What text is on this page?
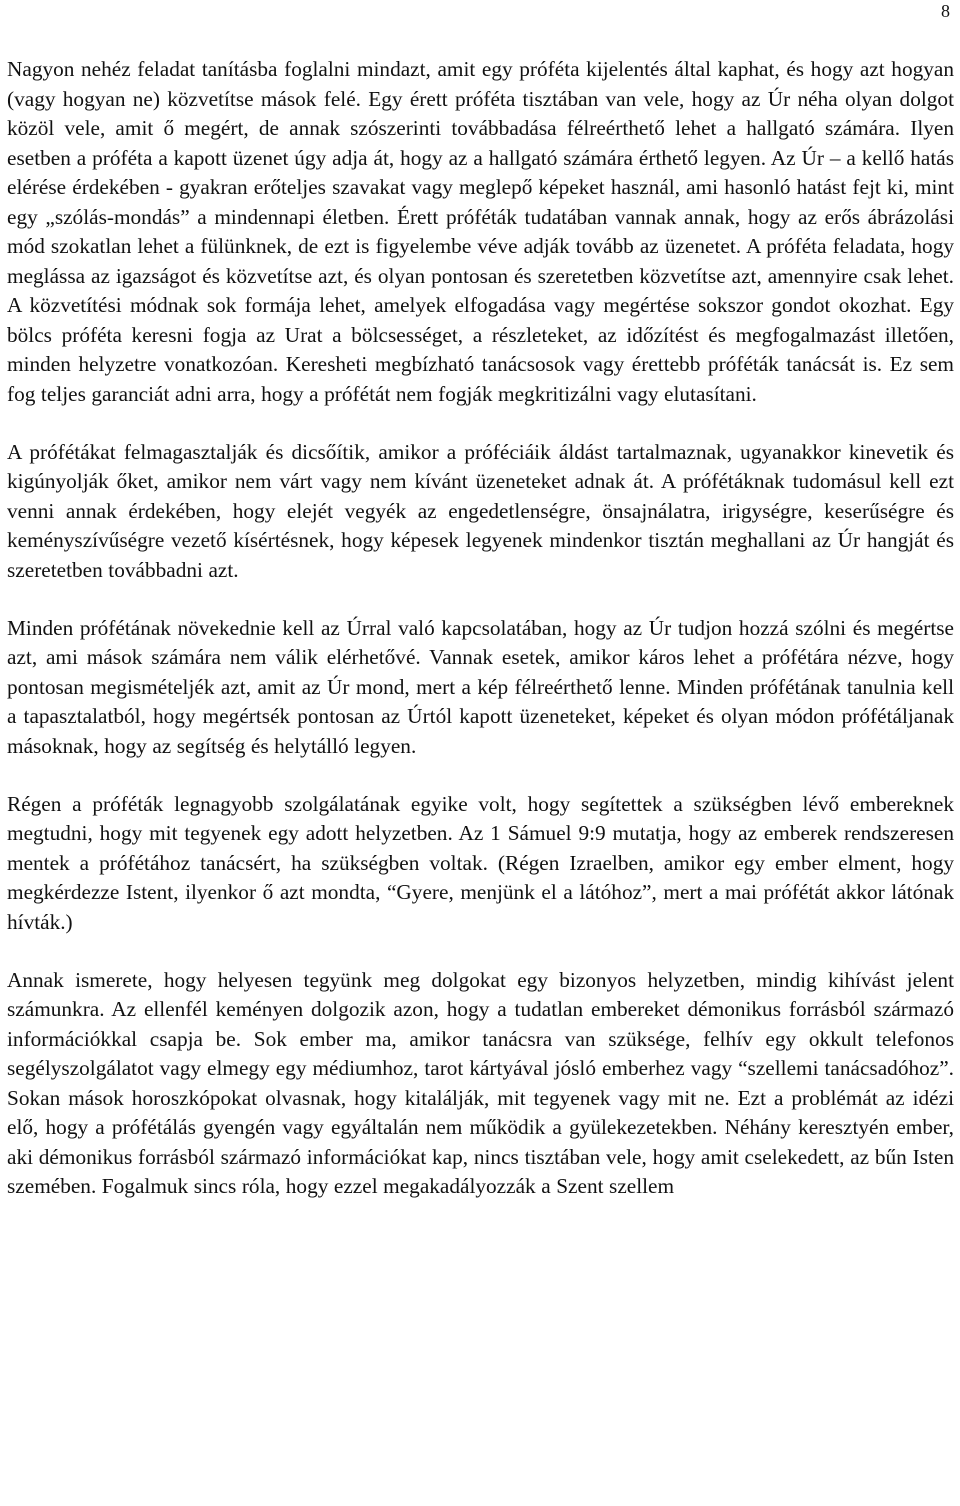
8

Nagyon nehéz feladat tanításba foglalni mindazt, amit egy próféta kijelentés által kaphat, és hogy azt hogyan (vagy hogyan ne) közvetítse mások felé. Egy érett próféta tisztában van vele, hogy az Úr néha olyan dolgot közöl vele, amit ő megért, de annak szószerinti továbbadása félreérthető lehet a hallgató számára. Ilyen esetben a próféta a kapott üzenet úgy adja át, hogy az a hallgató számára érthető legyen. Az Úr – a kellő hatás elérése érdekében - gyakran erőteljes szavakat vagy meglepő képeket használ, ami hasonló hatást fejt ki, mint egy „szólás-mondás” a mindennapi életben. Érett próféták tudatában vannak annak, hogy az erős ábrázolási mód szokatlan lehet a fülünknek, de ezt is figyelembe véve adják tovább az üzenetet. A próféta feladata, hogy meglássa az igazságot és közvetítse azt, és olyan pontosan és szeretetben közvetítse azt, amennyire csak lehet. A közvetítési módnak sok formája lehet, amelyek elfogadása vagy megértése sokszor gondot okozhat. Egy bölcs próféta keresni fogja az Urat a bölcsességet, a részleteket, az időzítést és megfogalmazást illetően, minden helyzetre vonatkozóan. Keresheti megbízható tanácsosok vagy érettebb próféták tanácsát is. Ez sem fog teljes garanciát adni arra, hogy a prófétát nem fogják megkritizálni vagy elutasítani.

A prófétákat felmagasztalják és dicsőítik, amikor a próféciáik áldást tartalmaznak, ugyanakkor kinevetik és kigúnyolják őket, amikor nem várt vagy nem kívánt üzeneteket adnak át. A prófétáknak tudomásul kell ezt venni annak érdekében, hogy elejét vegyék az engedetlenségre, önsajnálatra, irigységre, keserűségre és keményszívűségre vezető kísértésnek, hogy képesek legyenek mindenkor tisztán meghallani az Úr hangját és szeretetben továbbadni azt.

Minden prófétának növekednie kell az Úrral való kapcsolatában, hogy az Úr tudjon hozzá szólni és megértse azt, ami mások számára nem válik elérhetővé. Vannak esetek, amikor káros lehet a prófétára nézve, hogy pontosan megismételjék azt, amit az Úr mond, mert a kép félreérthető lenne. Minden prófétának tanulnia kell a tapasztalatból, hogy megértsék pontosan az Úrtól kapott üzeneteket, képeket és olyan módon prófétáljanak másoknak, hogy az segítség és helytálló legyen.

Régen a próféták legnagyobb szolgálatának egyike volt, hogy segítettek a szükségben lévő embereknek megtudni, hogy mit tegyenek egy adott helyzetben. Az 1 Sámuel 9:9 mutatja, hogy az emberek rendszeresen mentek a prófétához tanácsért, ha szükségben voltak. (Régen Izraelben, amikor egy ember elment, hogy megkérdezze Istent, ilyenkor ő azt mondta, “Gyere, menjünk el a látóhoz”, mert a mai prófétát akkor látónak hívták.)

Annak ismerete, hogy helyesen tegyünk meg dolgokat egy bizonyos helyzetben, mindig kihívást jelent számunkra. Az ellenfél keményen dolgozik azon, hogy a tudatlan embereket démonikus forrásból származó információkkal csapja be. Sok ember ma, amikor tanácsra van szüksége, felhív egy okkult telefonos segélyszolgálatot vagy elmegy egy médiumhoz, tarot kártyával jósló emberhez vagy “szellemi tanácsadóhoz”. Sokan mások horoszkópokat olvasnak, hogy kitalálják, mit tegyenek vagy mit ne. Ezt a problémát az idézi elő, hogy a prófétálás gyengén vagy egyáltalán nem működik a gyülekezetekben. Néhány keresztyén ember, aki démonikus forrásból származó információkat kap, nincs tisztában vele, hogy amit cselekedett, az bűn Isten szemében. Fogalmuk sincs róla, hogy ezzel megakadályozzák a Szent szellem
